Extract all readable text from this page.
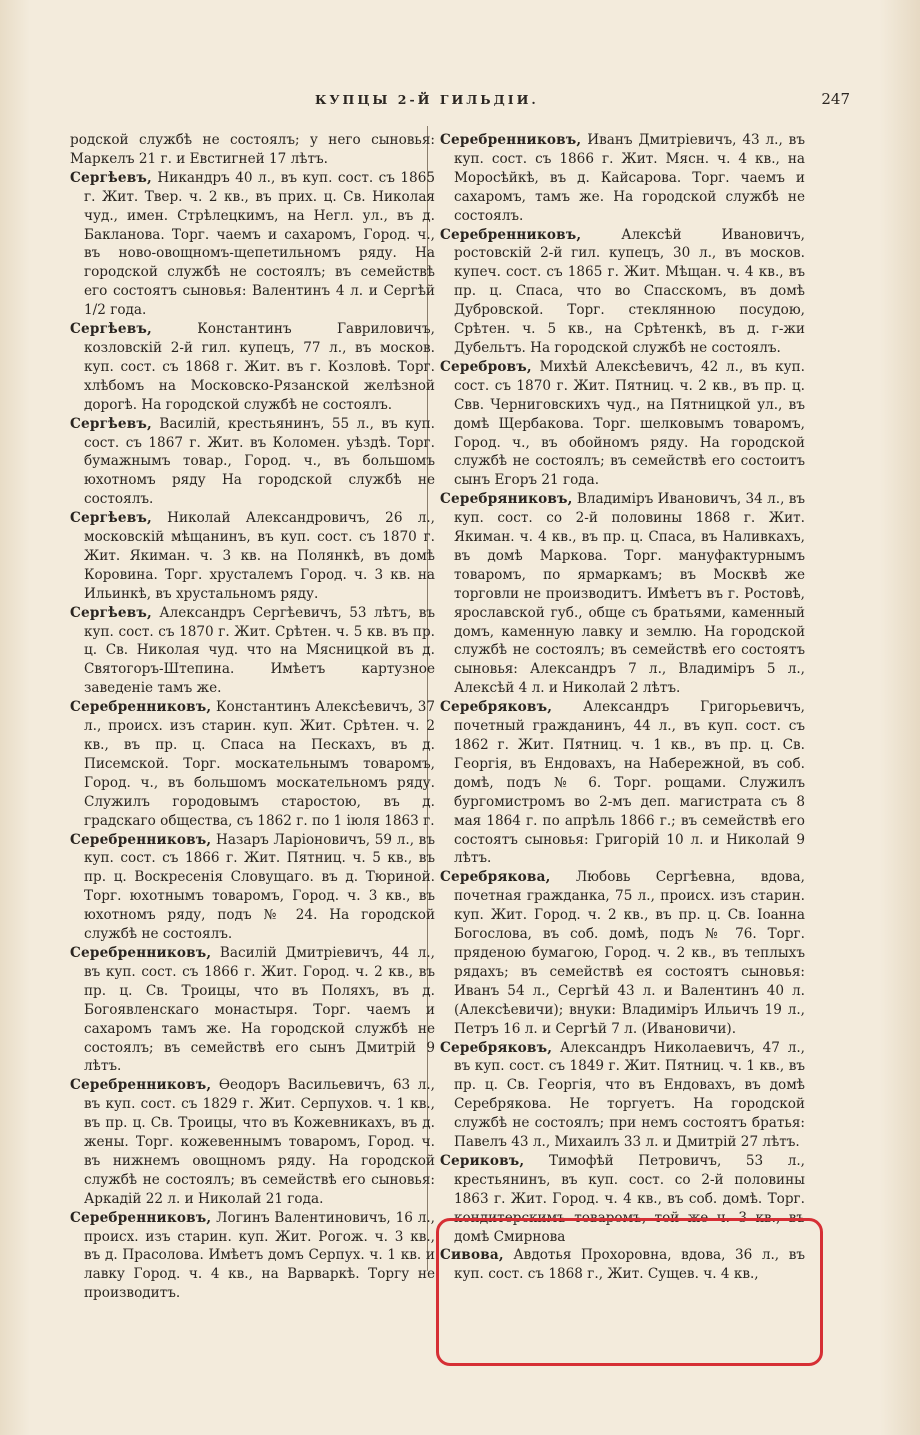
КУПЦЫ 2-Й ГИЛЬДІИ.	247

родской службѣ не состоялъ; у него сыновья: Маркелъ 21 г. и Евстигней 17 лѣтъ.

Сергѣевъ, Никандръ 40 л., въ куп. сост. съ 1865 г. Жит. Твер. ч. 2 кв., въ прих. ц. Св. Николая чуд., имен. Стрѣлецкимъ, на Негл. ул., въ д. Бакланова. Торг. чаемъ и сахаромъ, Город. ч., въ ново-овощномъ-щепетильномъ ряду. На городской службѣ не состоялъ; въ семействѣ его состоятъ сыновья: Валентинъ 4 л. и Сергѣй 1/2 года.

Сергѣевъ,	Константинъ Гавриловичъ, козловскій 2-й гил. купецъ, 77 л., въ москов. куп. сост. съ 1868 г. Жит. въ г. Козловѣ. Торг. хлѣбомъ на Московско-Рязанской желѣзной дорогѣ. На городской службѣ не состоялъ.

Сергѣевъ, Василій, крестьянинъ, 55 л., въ куп. сост. съ 1867 г. Жит. въ Коломен. уѣздѣ. Торг. бумажнымъ товар., Город. ч., въ большомъ юхотномъ ряду На городской службѣ не состоялъ.

Сергѣевъ, Николай Александровичъ, 26 л., московскій мѣщанинъ, въ куп. сост. съ 1870 г. Жит. Якиман. ч. 3 кв. на Полянкѣ, въ домѣ Коровина. Торг. хрусталемъ Город. ч. 3 кв. на Ильинкѣ, въ хрустальномъ ряду.

Сергѣевъ, Александръ Сергѣевичъ, 53 лѣтъ, въ куп. сост. съ 1870 г. Жит. Срѣтен. ч. 5 кв. въ пр. ц. Св. Николая чуд. что на Мясницкой въ д. Святогоръ-Штепина. Имѣетъ картузное заведеніе тамъ же.

Серебренниковъ, Константинъ Алексѣевичъ, 37 л., происх. изъ старин. куп. Жит. Срѣтен. ч. 2 кв., въ пр. ц. Спаса на Пескахъ, въ д. Писемской. Торг. москательнымъ товаромъ, Город. ч., въ большомъ москательномъ ряду. Служилъ городовымъ старостою, въ д. градскаго общества, съ 1862 г. по 1 іюля 1863 г.

Серебренниковъ, Назаръ Ларіоновичъ, 59 л., въ куп. сост. съ 1866 г. Жит. Пятниц. ч. 5 кв., въ пр. ц. Воскресенія Словущаго. въ д. Тюриной. Торг. юхотнымъ товаромъ, Город. ч. 3 кв., въ юхотномъ ряду, подъ № 24. На городской службѣ не состоялъ.

Серебренниковъ, Василій Дмитріевичъ, 44 л., въ куп. сост. съ 1866 г. Жит. Город. ч. 2 кв., въ пр. ц. Св. Троицы, что въ Поляхъ, въ д. Богоявленскаго монастыря. Торг. чаемъ и сахаромъ тамъ же. На городской службѣ не состоялъ; въ семействѣ его сынъ Дмитрій 9 лѣтъ.

Серебренниковъ, Ѳеодоръ Васильевичъ, 63 л., въ куп. сост. съ 1829 г. Жит. Серпухов. ч. 1 кв., въ пр. ц. Св. Троицы, что въ Кожевникахъ, въ д. жены. Торг. кожевеннымъ товаромъ, Город. ч. въ нижнемъ овощномъ ряду. На городской службѣ не состоялъ; въ семействѣ его сыновья: Аркадій 22 л. и Николай 21 года.

Серебренниковъ, Логинъ Валентиновичъ, 16 л., происх. изъ старин. куп. Жит. Рогож. ч. 3 кв., въ д. Прасолова. Имѣетъ домъ Серпух. ч. 1 кв. и лавку Город. ч. 4 кв., на Варваркѣ. Торгу не производитъ.

Серебренниковъ, Иванъ Дмитріевичъ, 43 л., въ куп. сост. съ 1866 г. Жит. Мясн. ч. 4 кв., на Моросѣйкѣ, въ д. Кайсарова. Торг. чаемъ и сахаромъ, тамъ же. На городской службѣ не состоялъ.

Серебренниковъ,	Алексѣй Ивановичъ, ростовскій 2-й гил. купецъ, 30 л., въ москов. купеч. сост. съ 1865 г. Жит. Мѣщан. ч. 4 кв., въ пр. ц. Спаса, что во Спасскомъ, въ домѣ Дубровской. Торг. стеклянною посудою, Срѣтен. ч. 5 кв., на Срѣтенкѣ, въ д. г-жи Дубельтъ. На городской службѣ не состоялъ.

Серебровъ, Михѣй Алексѣевичъ, 42 л., въ куп. сост. съ 1870 г. Жит. Пятниц. ч. 2 кв., въ пр. ц. Свв. Черниговскихъ чуд., на Пятницкой ул., въ домѣ Щербакова. Торг. шелковымъ товаромъ, Город. ч., въ обойномъ ряду. На городской службѣ не состоялъ; въ семействѣ его состоитъ сынъ Егоръ 21 года.

Серебряниковъ, Владиміръ Ивановичъ, 34 л., въ куп. сост. со 2-й половины 1868 г. Жит. Якиман. ч. 4 кв., въ пр. ц. Спаса, въ Наливкахъ, въ домѣ Маркова. Торг. мануфактурнымъ товаромъ, по ярмаркамъ; въ Москвѣ же торговли не производитъ. Имѣетъ въ г. Ростовѣ, ярославской губ., обще съ братьями, каменный домъ, каменную лавку и землю. На городской службѣ не состоялъ; въ семействѣ его состоятъ сыновья: Александръ 7 л., Владиміръ 5 л., Алексѣй 4 л. и Николай 2 лѣтъ.

Серебряковъ, Александръ Григорьевичъ, почетный гражданинъ, 44 л., въ куп. сост. съ 1862 г. Жит. Пятниц. ч. 1 кв., въ пр. ц. Св. Георгія, въ Ендовахъ, на Набережной, въ соб. домѣ, подъ № 6. Торг. рощами. Служилъ бургомистромъ во 2-мъ деп. магистрата съ 8 мая 1864 г. по апрѣль 1866 г.; въ семействѣ его состоятъ сыновья: Григорій 10 л. и Николай 9 лѣтъ.

Серебрякова, Любовь Сергѣевна, вдова, почетная гражданка, 75 л., происх. изъ старин. куп. Жит. Город. ч. 2 кв., въ пр. ц. Св. Іоанна Богослова, въ соб. домѣ, подъ № 76. Торг. пряденою бумагою, Город. ч. 2 кв., въ теплыхъ рядахъ; въ семействѣ ея состоятъ сыновья: Иванъ 54 л., Сергѣй 43 л. и Валентинъ 40 л. (Алексѣевичи); внуки: Владиміръ Ильичъ 19 л., Петръ 16 л. и Сергѣй 7 л. (Ивановичи).

Серебряковъ, Александръ Николаевичъ, 47 л., въ куп. сост. съ 1849 г. Жит. Пятниц. ч. 1 кв., въ пр. ц. Св. Георгія, что въ Ендовахъ, въ домѣ Серебрякова. Не торгуетъ. На городской службѣ не состоялъ; при немъ состоятъ братья: Павелъ 43 л., Михаилъ 33 л. и Дмитрій 27 лѣтъ.

Сериковъ, Тимофѣй Петровичъ, 53 л., крестьянинъ, въ куп. сост. со 2-й половины 1863 г. Жит. Город. ч. 4 кв., въ соб. домѣ. Торг. кондитерскимъ товаромъ, той же ч. 3 кв., въ домѣ Смирнова

Сивова, Авдотья Прохоровна, вдова, 36 л., въ куп. сост. съ 1868 г., Жит. Сущев. ч. 4 кв.,
